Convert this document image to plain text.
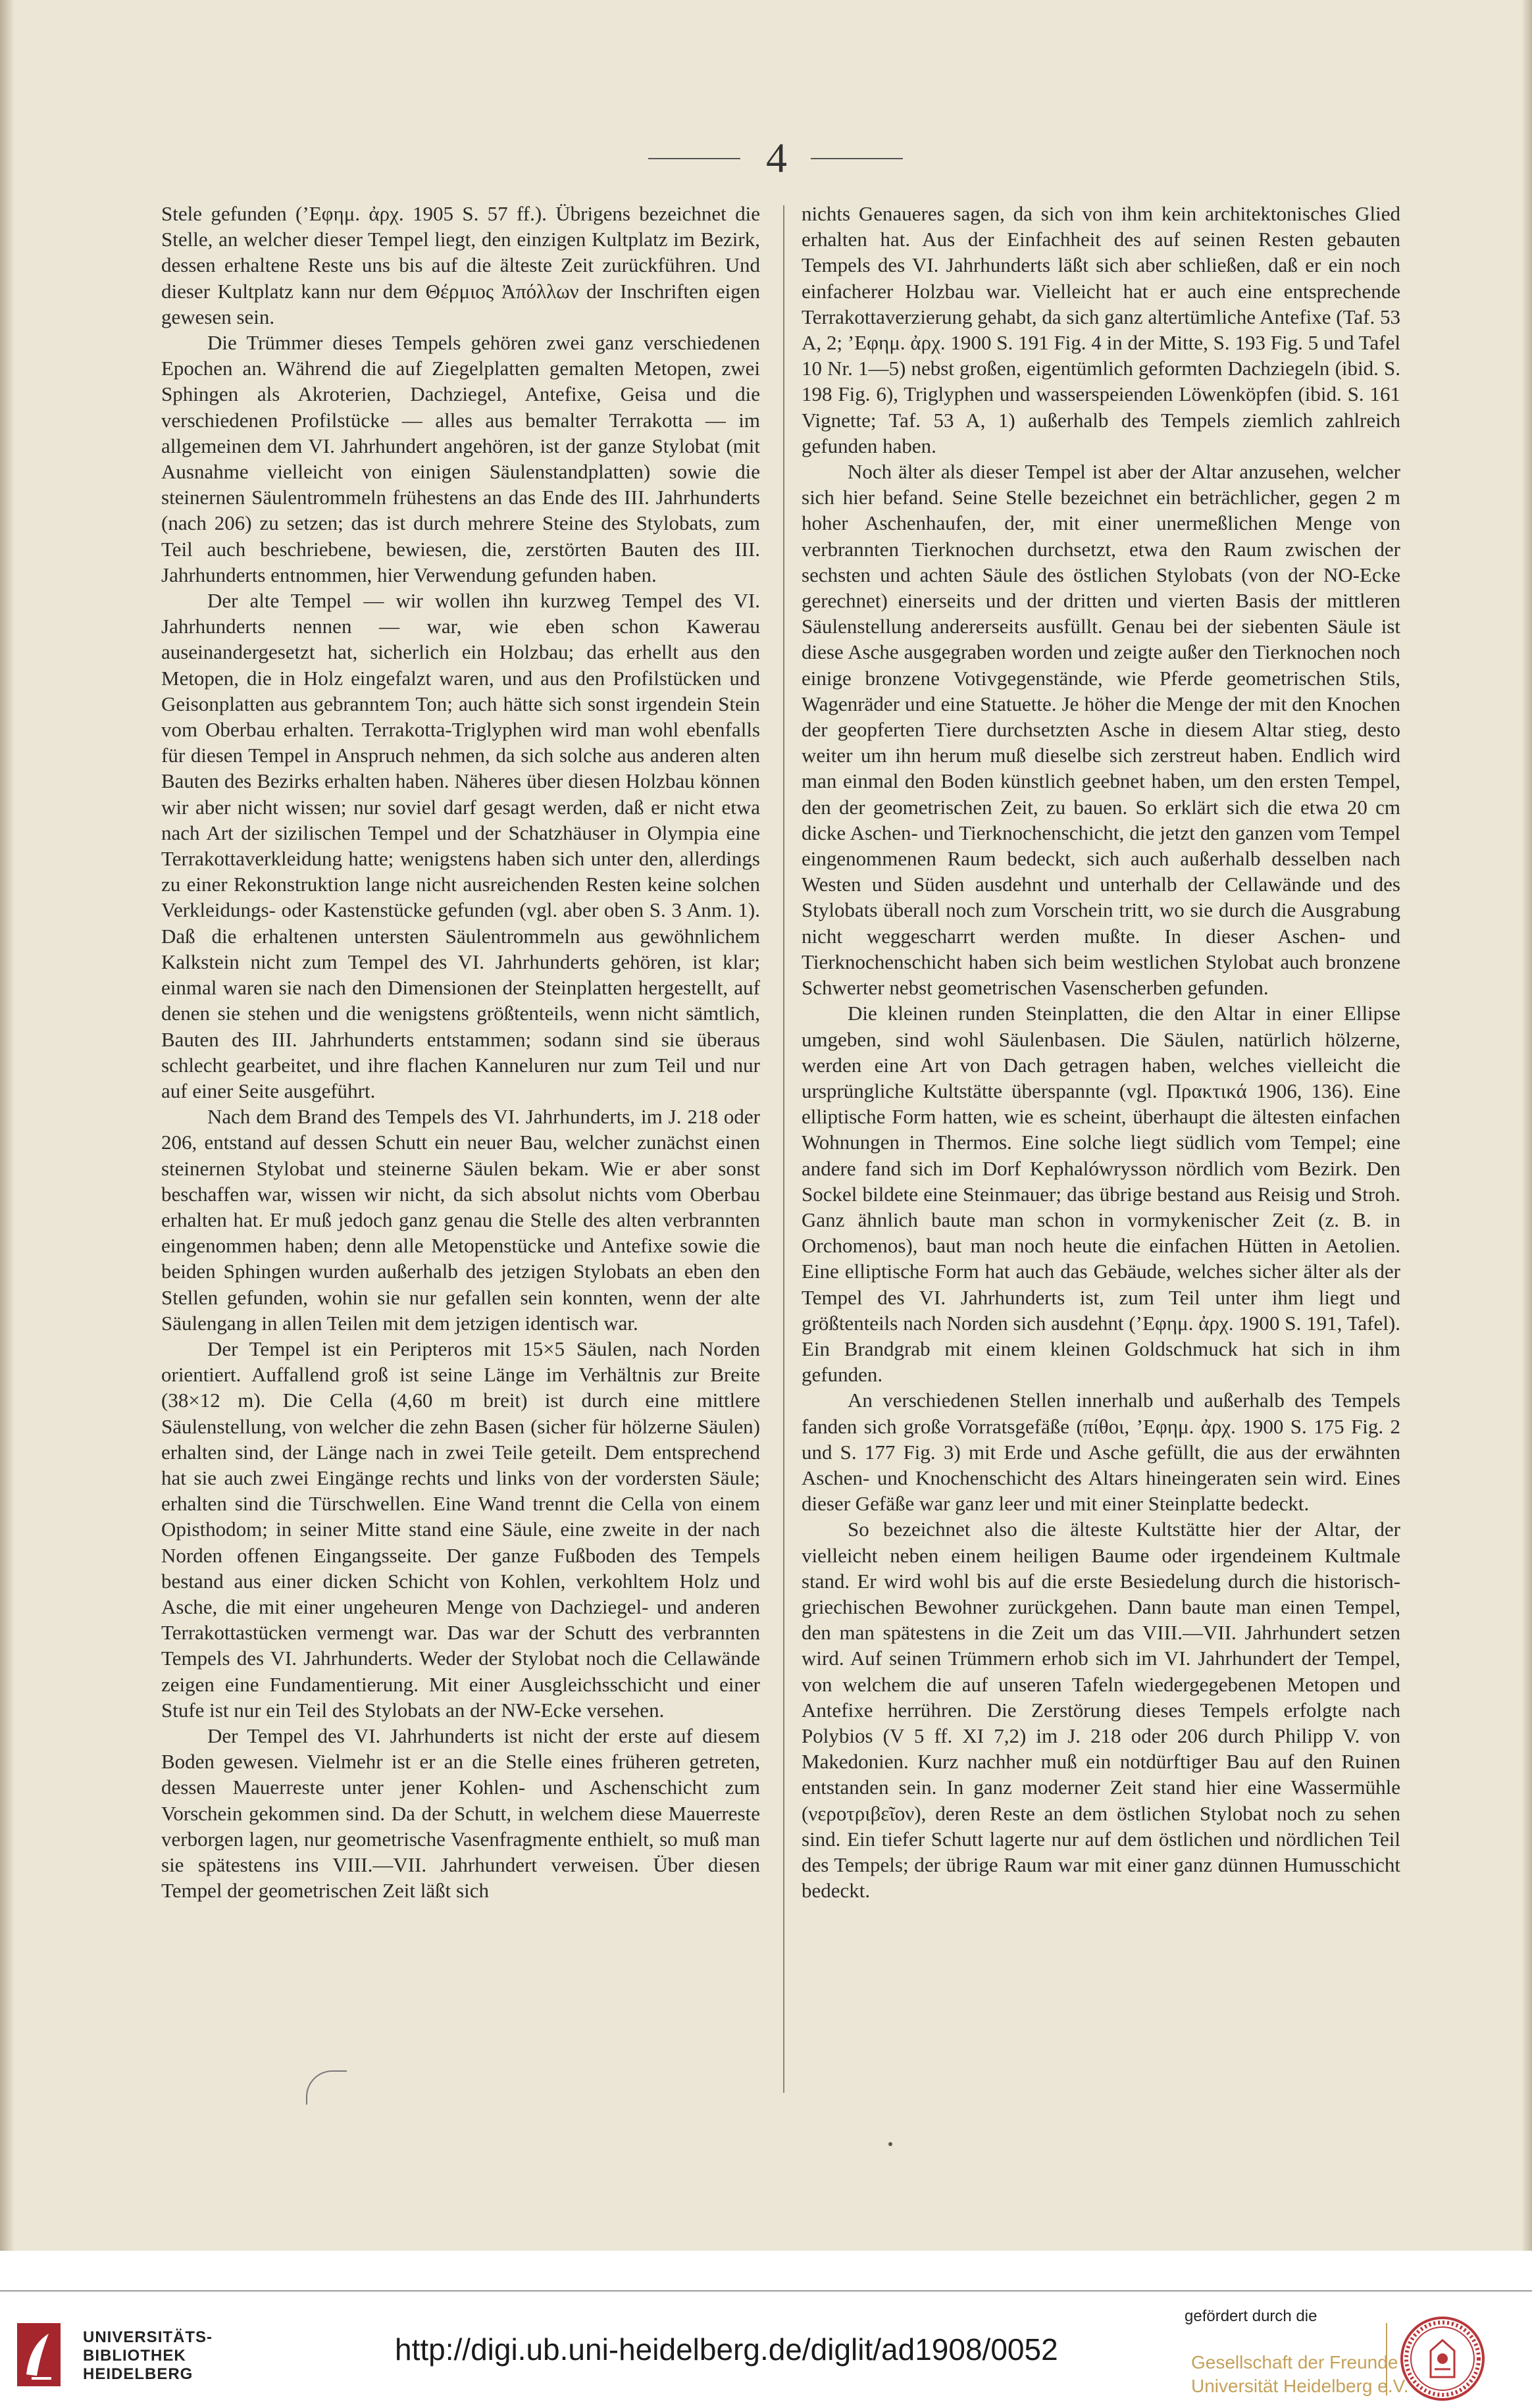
4

Stele gefunden (’Εφημ. ἀρχ. 1905 S. 57 ff.). Übrigens bezeichnet die Stelle, an welcher dieser Tempel liegt, den einzigen Kultplatz im Bezirk, dessen erhaltene Reste uns bis auf die älteste Zeit zurückführen. Und dieser Kultplatz kann nur dem Θέρμιος Ἀπόλλων der Inschriften eigen gewesen sein.

Die Trümmer dieses Tempels gehören zwei ganz verschiedenen Epochen an. Während die auf Ziegelplatten gemalten Metopen, zwei Sphingen als Akroterien, Dachziegel, Antefixe, Geisa und die verschiedenen Profilstücke — alles aus bemalter Terrakotta — im allgemeinen dem VI. Jahrhundert angehören, ist der ganze Stylobat (mit Ausnahme vielleicht von einigen Säulenstandplatten) sowie die steinernen Säulentrommeln frühestens an das Ende des III. Jahrhunderts (nach 206) zu setzen; das ist durch mehrere Steine des Stylobats, zum Teil auch beschriebene, bewiesen, die, zerstörten Bauten des III. Jahrhunderts entnommen, hier Verwendung gefunden haben.

Der alte Tempel — wir wollen ihn kurzweg Tempel des VI. Jahrhunderts nennen — war, wie eben schon Kawerau auseinandergesetzt hat, sicherlich ein Holzbau; das erhellt aus den Metopen, die in Holz eingefalzt waren, und aus den Profilstücken und Geisonplatten aus gebranntem Ton; auch hätte sich sonst irgendein Stein vom Oberbau erhalten. Terrakotta-Triglyphen wird man wohl ebenfalls für diesen Tempel in Anspruch nehmen, da sich solche aus anderen alten Bauten des Bezirks erhalten haben. Näheres über diesen Holzbau können wir aber nicht wissen; nur soviel darf gesagt werden, daß er nicht etwa nach Art der sizilischen Tempel und der Schatzhäuser in Olympia eine Terrakottaverkleidung hatte; wenigstens haben sich unter den, allerdings zu einer Rekonstruktion lange nicht ausreichenden Resten keine solchen Verkleidungs- oder Kastenstücke gefunden (vgl. aber oben S. 3 Anm. 1). Daß die erhaltenen untersten Säulentrommeln aus gewöhnlichem Kalkstein nicht zum Tempel des VI. Jahrhunderts gehören, ist klar; einmal waren sie nach den Dimensionen der Steinplatten hergestellt, auf denen sie stehen und die wenigstens größtenteils, wenn nicht sämtlich, Bauten des III. Jahrhunderts entstammen; sodann sind sie überaus schlecht gearbeitet, und ihre flachen Kanneluren nur zum Teil und nur auf einer Seite ausgeführt.

Nach dem Brand des Tempels des VI. Jahrhunderts, im J. 218 oder 206, entstand auf dessen Schutt ein neuer Bau, welcher zunächst einen steinernen Stylobat und steinerne Säulen bekam. Wie er aber sonst beschaffen war, wissen wir nicht, da sich absolut nichts vom Oberbau erhalten hat. Er muß jedoch ganz genau die Stelle des alten verbrannten eingenommen haben; denn alle Metopenstücke und Antefixe sowie die beiden Sphingen wurden außerhalb des jetzigen Stylobats an eben den Stellen gefunden, wohin sie nur gefallen sein konnten, wenn der alte Säulengang in allen Teilen mit dem jetzigen identisch war.

Der Tempel ist ein Peripteros mit 15×5 Säulen, nach Norden orientiert. Auffallend groß ist seine Länge im Verhältnis zur Breite (38×12 m). Die Cella (4,60 m breit) ist durch eine mittlere Säulenstellung, von welcher die zehn Basen (sicher für hölzerne Säulen) erhalten sind, der Länge nach in zwei Teile geteilt. Dem entsprechend hat sie auch zwei Eingänge rechts und links von der vordersten Säule; erhalten sind die Türschwellen. Eine Wand trennt die Cella von einem Opisthodom; in seiner Mitte stand eine Säule, eine zweite in der nach Norden offenen Eingangsseite. Der ganze Fußboden des Tempels bestand aus einer dicken Schicht von Kohlen, verkohltem Holz und Asche, die mit einer ungeheuren Menge von Dachziegel- und anderen Terrakottastücken vermengt war. Das war der Schutt des verbrannten Tempels des VI. Jahrhunderts. Weder der Stylobat noch die Cellawände zeigen eine Fundamentierung. Mit einer Ausgleichsschicht und einer Stufe ist nur ein Teil des Stylobats an der NW-Ecke versehen.

Der Tempel des VI. Jahrhunderts ist nicht der erste auf diesem Boden gewesen. Vielmehr ist er an die Stelle eines früheren getreten, dessen Mauerreste unter jener Kohlen- und Aschenschicht zum Vorschein gekommen sind. Da der Schutt, in welchem diese Mauerreste verborgen lagen, nur geometrische Vasenfragmente enthielt, so muß man sie spätestens ins VIII.—VII. Jahrhundert verweisen. Über diesen Tempel der geometrischen Zeit läßt sich

nichts Genaueres sagen, da sich von ihm kein architektonisches Glied erhalten hat. Aus der Einfachheit des auf seinen Resten gebauten Tempels des VI. Jahrhunderts läßt sich aber schließen, daß er ein noch einfacherer Holzbau war. Vielleicht hat er auch eine entsprechende Terrakottaverzierung gehabt, da sich ganz altertümliche Antefixe (Taf. 53 A, 2; ’Εφημ. ἀρχ. 1900 S. 191 Fig. 4 in der Mitte, S. 193 Fig. 5 und Tafel 10 Nr. 1—5) nebst großen, eigentümlich geformten Dachziegeln (ibid. S. 198 Fig. 6), Triglyphen und wasserspeienden Löwenköpfen (ibid. S. 161 Vignette; Taf. 53 A, 1) außerhalb des Tempels ziemlich zahlreich gefunden haben.

Noch älter als dieser Tempel ist aber der Altar anzusehen, welcher sich hier befand. Seine Stelle bezeichnet ein beträchlicher, gegen 2 m hoher Aschenhaufen, der, mit einer unermeßlichen Menge von verbrannten Tierknochen durchsetzt, etwa den Raum zwischen der sechsten und achten Säule des östlichen Stylobats (von der NO-Ecke gerechnet) einerseits und der dritten und vierten Basis der mittleren Säulenstellung andererseits ausfüllt. Genau bei der siebenten Säule ist diese Asche ausgegraben worden und zeigte außer den Tierknochen noch einige bronzene Votivgegenstände, wie Pferde geometrischen Stils, Wagenräder und eine Statuette. Je höher die Menge der mit den Knochen der geopferten Tiere durchsetzten Asche in diesem Altar stieg, desto weiter um ihn herum muß dieselbe sich zerstreut haben. Endlich wird man einmal den Boden künstlich geebnet haben, um den ersten Tempel, den der geometrischen Zeit, zu bauen. So erklärt sich die etwa 20 cm dicke Aschen- und Tierknochenschicht, die jetzt den ganzen vom Tempel eingenommenen Raum bedeckt, sich auch außerhalb desselben nach Westen und Süden ausdehnt und unterhalb der Cellawände und des Stylobats überall noch zum Vorschein tritt, wo sie durch die Ausgrabung nicht weggescharrt werden mußte. In dieser Aschen- und Tierknochenschicht haben sich beim westlichen Stylobat auch bronzene Schwerter nebst geometrischen Vasenscherben gefunden.

Die kleinen runden Steinplatten, die den Altar in einer Ellipse umgeben, sind wohl Säulenbasen. Die Säulen, natürlich hölzerne, werden eine Art von Dach getragen haben, welches vielleicht die ursprüngliche Kultstätte überspannte (vgl. Πρακτικά 1906, 136). Eine elliptische Form hatten, wie es scheint, überhaupt die ältesten einfachen Wohnungen in Thermos. Eine solche liegt südlich vom Tempel; eine andere fand sich im Dorf Kephalówrysson nördlich vom Bezirk. Den Sockel bildete eine Steinmauer; das übrige bestand aus Reisig und Stroh. Ganz ähnlich baute man schon in vormykenischer Zeit (z. B. in Orchomenos), baut man noch heute die einfachen Hütten in Aetolien. Eine elliptische Form hat auch das Gebäude, welches sicher älter als der Tempel des VI. Jahrhunderts ist, zum Teil unter ihm liegt und größtenteils nach Norden sich ausdehnt (’Εφημ. ἀρχ. 1900 S. 191, Tafel). Ein Brandgrab mit einem kleinen Goldschmuck hat sich in ihm gefunden.

An verschiedenen Stellen innerhalb und außerhalb des Tempels fanden sich große Vorratsgefäße (πίθοι, ’Εφημ. ἀρχ. 1900 S. 175 Fig. 2 und S. 177 Fig. 3) mit Erde und Asche gefüllt, die aus der erwähnten Aschen- und Knochenschicht des Altars hineingeraten sein wird. Eines dieser Gefäße war ganz leer und mit einer Steinplatte bedeckt.

So bezeichnet also die älteste Kultstätte hier der Altar, der vielleicht neben einem heiligen Baume oder irgendeinem Kultmale stand. Er wird wohl bis auf die erste Besiedelung durch die historisch-griechischen Bewohner zurückgehen. Dann baute man einen Tempel, den man spätestens in die Zeit um das VIII.—VII. Jahrhundert setzen wird. Auf seinen Trümmern erhob sich im VI. Jahrhundert der Tempel, von welchem die auf unseren Tafeln wiedergegebenen Metopen und Antefixe herrühren. Die Zerstörung dieses Tempels erfolgte nach Polybios (V 5 ff. XI 7,2) im J. 218 oder 206 durch Philipp V. von Makedonien. Kurz nachher muß ein notdürftiger Bau auf den Ruinen entstanden sein. In ganz moderner Zeit stand hier eine Wassermühle (νεροτριβεῖον), deren Reste an dem östlichen Stylobat noch zu sehen sind. Ein tiefer Schutt lagerte nur auf dem östlichen und nördlichen Teil des Tempels; der übrige Raum war mit einer ganz dünnen Humusschicht bedeckt.

UNIVERSITÄTS-
BIBLIOTHEK
HEIDELBERG
http://digi.ub.uni-heidelberg.de/diglit/ad1908/0052
gefördert durch die
Gesellschaft der Freunde
Universität Heidelberg e.V.
